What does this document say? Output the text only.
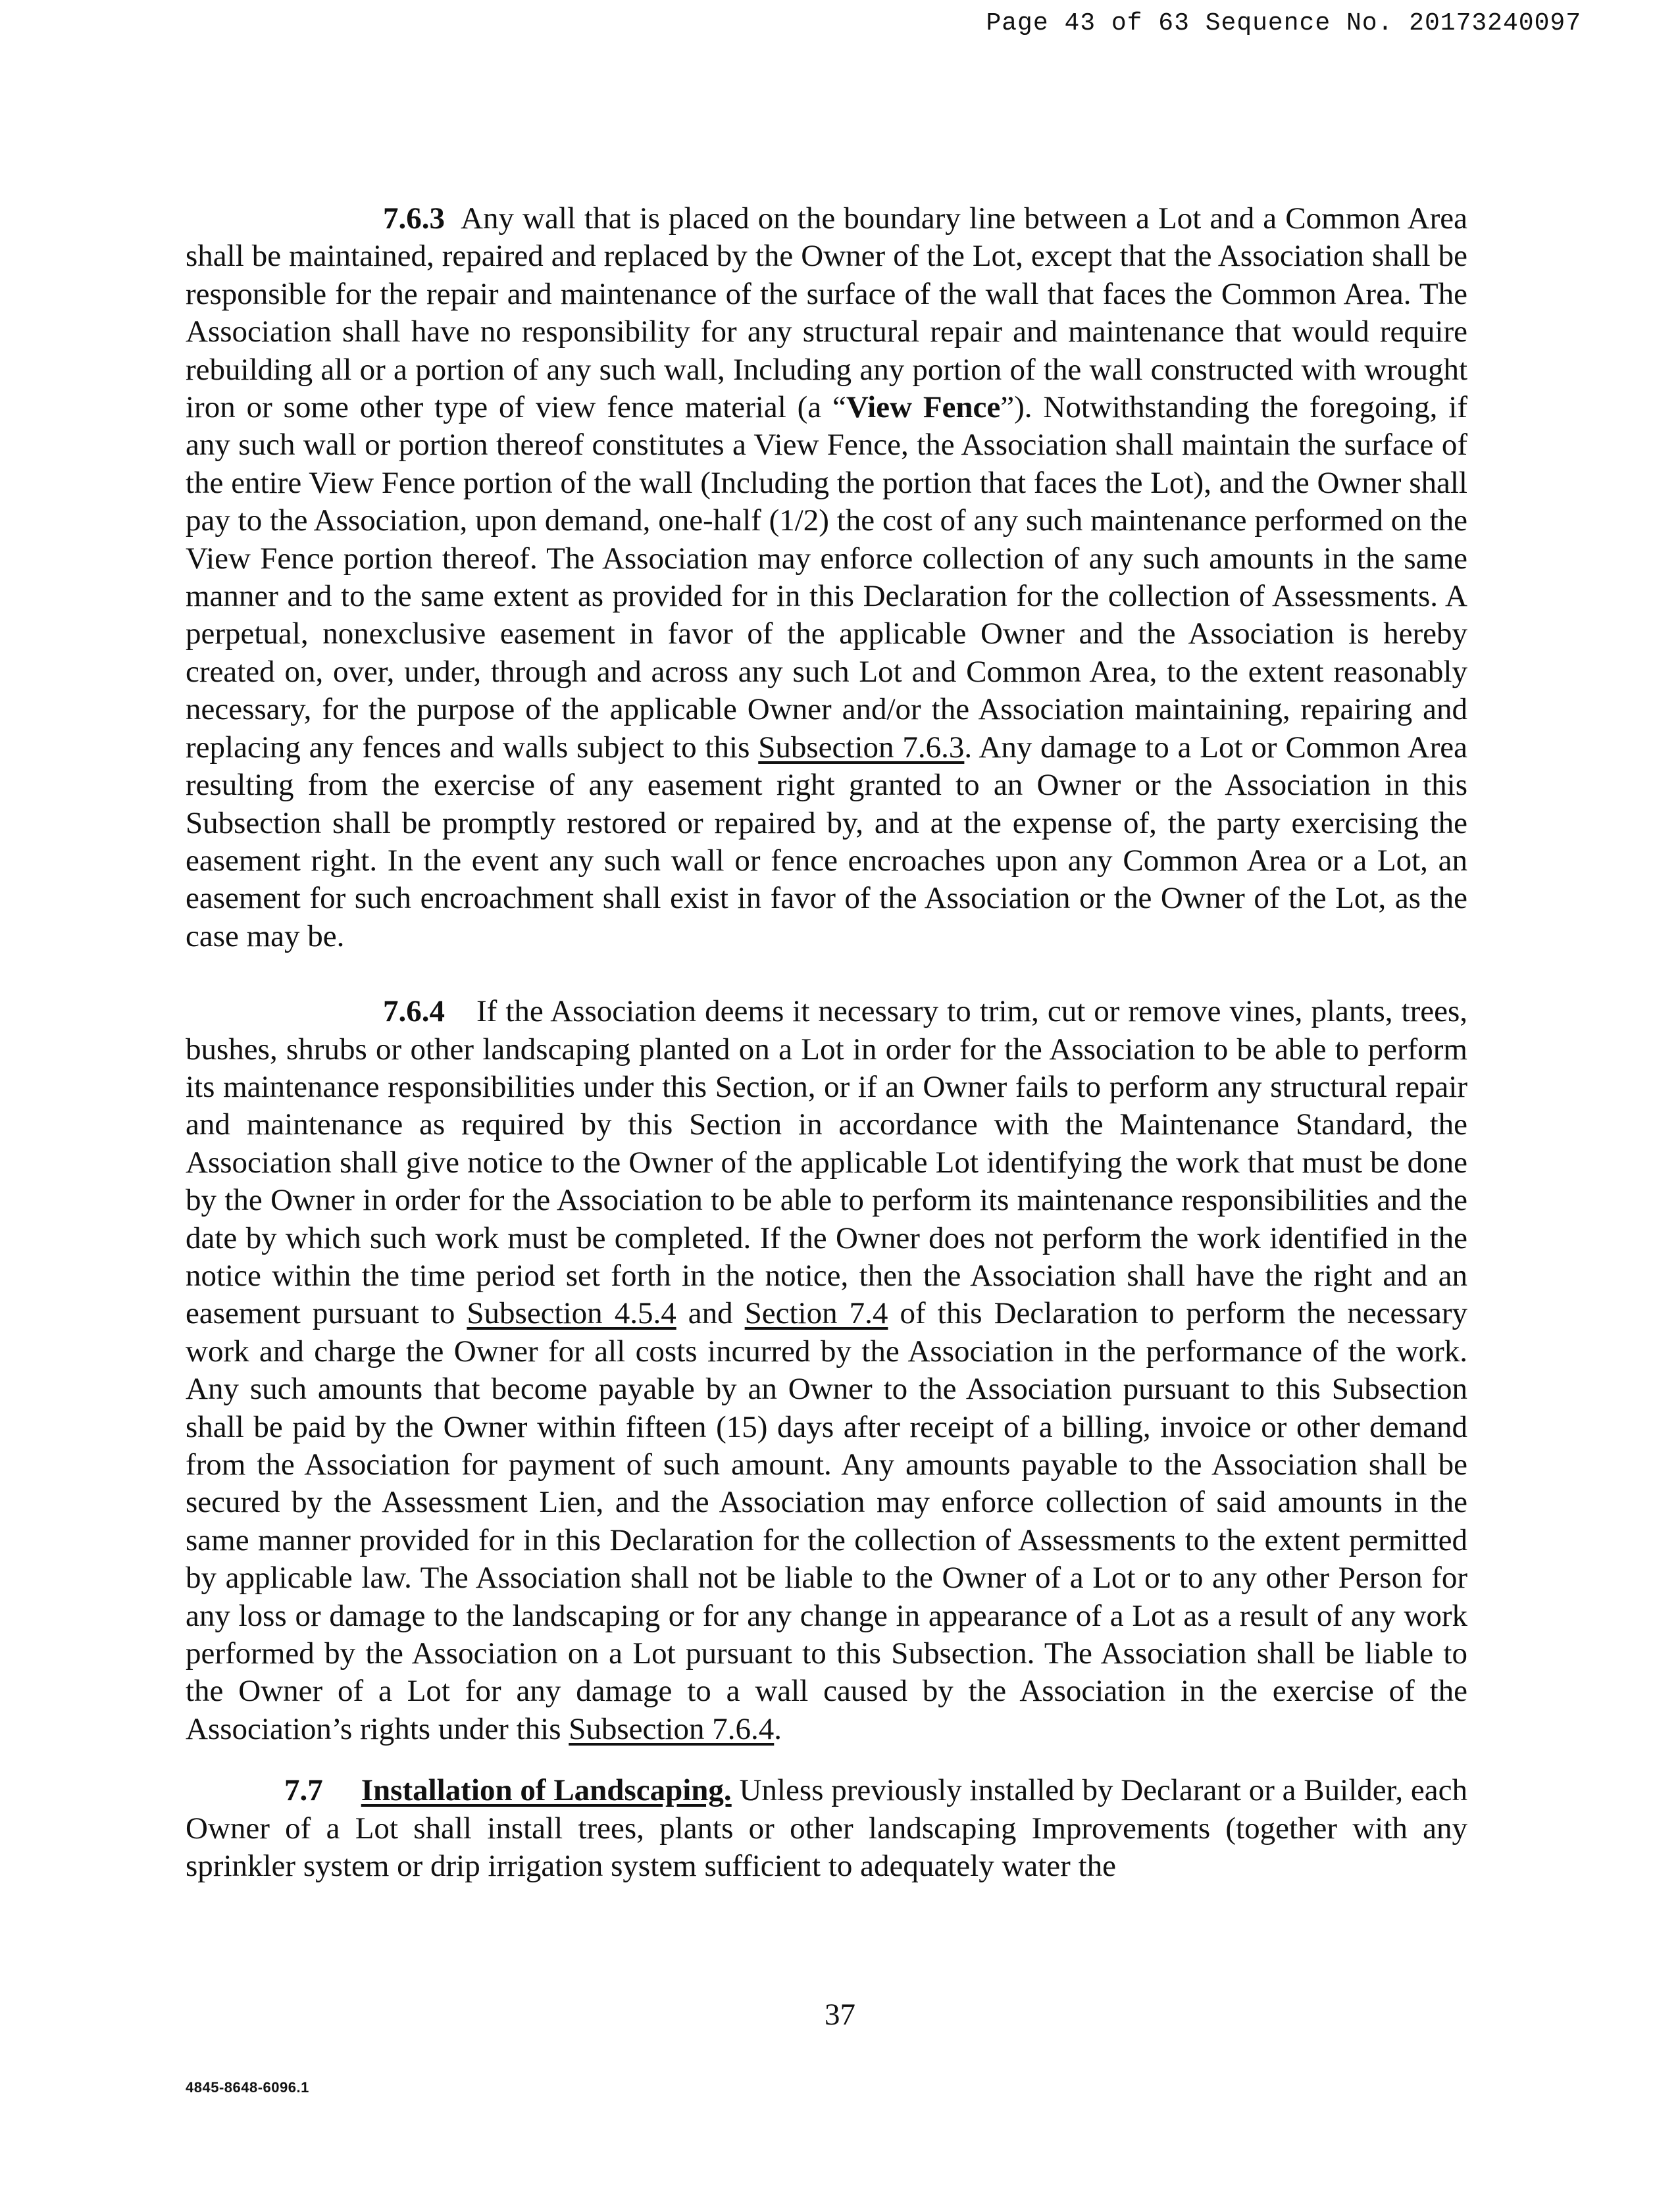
Page 43 of 63 Sequence No. 20173240097

7.6.3 Any wall that is placed on the boundary line between a Lot and a Common Area shall be maintained, repaired and replaced by the Owner of the Lot, except that the Association shall be responsible for the repair and maintenance of the surface of the wall that faces the Common Area. The Association shall have no responsibility for any structural repair and maintenance that would require rebuilding all or a portion of any such wall, Including any portion of the wall constructed with wrought iron or some other type of view fence material (a “View Fence”). Notwithstanding the foregoing, if any such wall or portion thereof constitutes a View Fence, the Association shall maintain the surface of the entire View Fence portion of the wall (Including the portion that faces the Lot), and the Owner shall pay to the Association, upon demand, one-half (1/2) the cost of any such maintenance performed on the View Fence portion thereof. The Association may enforce collection of any such amounts in the same manner and to the same extent as provided for in this Declaration for the collection of Assessments. A perpetual, nonexclusive easement in favor of the applicable Owner and the Association is hereby created on, over, under, through and across any such Lot and Common Area, to the extent reasonably necessary, for the purpose of the applicable Owner and/or the Association maintaining, repairing and replacing any fences and walls subject to this Subsection 7.6.3. Any damage to a Lot or Common Area resulting from the exercise of any easement right granted to an Owner or the Association in this Subsection shall be promptly restored or repaired by, and at the expense of, the party exercising the easement right. In the event any such wall or fence encroaches upon any Common Area or a Lot, an easement for such encroachment shall exist in favor of the Association or the Owner of the Lot, as the case may be.

7.6.4 If the Association deems it necessary to trim, cut or remove vines, plants, trees, bushes, shrubs or other landscaping planted on a Lot in order for the Association to be able to perform its maintenance responsibilities under this Section, or if an Owner fails to perform any structural repair and maintenance as required by this Section in accordance with the Maintenance Standard, the Association shall give notice to the Owner of the applicable Lot identifying the work that must be done by the Owner in order for the Association to be able to perform its maintenance responsibilities and the date by which such work must be completed. If the Owner does not perform the work identified in the notice within the time period set forth in the notice, then the Association shall have the right and an easement pursuant to Subsection 4.5.4 and Section 7.4 of this Declaration to perform the necessary work and charge the Owner for all costs incurred by the Association in the performance of the work. Any such amounts that become payable by an Owner to the Association pursuant to this Subsection shall be paid by the Owner within fifteen (15) days after receipt of a billing, invoice or other demand from the Association for payment of such amount. Any amounts payable to the Association shall be secured by the Assessment Lien, and the Association may enforce collection of said amounts in the same manner provided for in this Declaration for the collection of Assessments to the extent permitted by applicable law. The Association shall not be liable to the Owner of a Lot or to any other Person for any loss or damage to the landscaping or for any change in appearance of a Lot as a result of any work performed by the Association on a Lot pursuant to this Subsection. The Association shall be liable to the Owner of a Lot for any damage to a wall caused by the Association in the exercise of the Association’s rights under this Subsection 7.6.4.

7.7 Installation of Landscaping. Unless previously installed by Declarant or a Builder, each Owner of a Lot shall install trees, plants or other landscaping Improvements (together with any sprinkler system or drip irrigation system sufficient to adequately water the

37
4845-8648-6096.1
